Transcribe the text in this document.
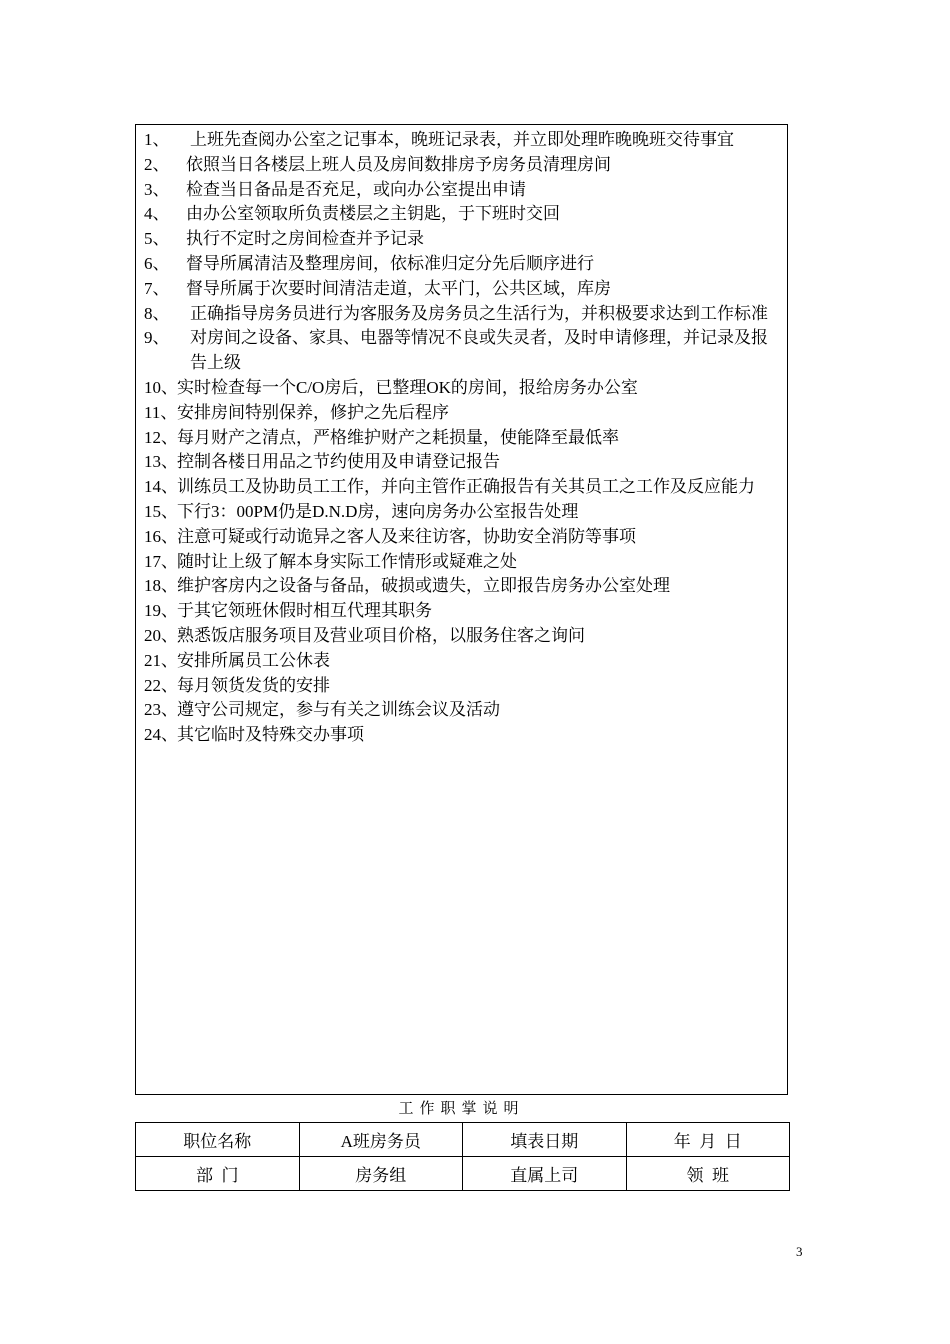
1、 上班先查阅办公室之记事本，晚班记录表，并立即处理昨晚晚班交待事宜
2、 依照当日各楼层上班人员及房间数排房予房务员清理房间
3、 检查当日备品是否充足，或向办公室提出申请
4、 由办公室领取所负责楼层之主钥匙，于下班时交回
5、 执行不定时之房间检查并予记录
6、 督导所属清洁及整理房间，依标准归定分先后顺序进行
7、 督导所属于次要时间清洁走道，太平门，公共区域，库房
8、 正确指导房务员进行为客服务及房务员之生活行为，并积极要求达到工作标准
9、 对房间之设备、家具、电器等情况不良或失灵者，及时申请修理，并记录及报告上级
10、 实时检查每一个C/O房后，已整理OK的房间，报给房务办公室
11、 安排房间特别保养，修护之先后程序
12、 每月财产之清点，严格维护财产之耗损量，使能降至最低率
13、 控制各楼日用品之节约使用及申请登记报告
14、 训练员工及协助员工工作，并向主管作正确报告有关其员工之工作及反应能力
15、 下行3：00PM仍是D.N.D房，速向房务办公室报告处理
16、 注意可疑或行动诡异之客人及来往访客，协助安全消防等事项
17、 随时让上级了解本身实际工作情形或疑难之处
18、 维护客房内之设备与备品，破损或遗失，立即报告房务办公室处理
19、 于其它领班休假时相互代理其职务
20、 熟悉饭店服务项目及营业项目价格，以服务住客之询问
21、 安排所属员工公休表
22、 每月领货发货的安排
23、 遵守公司规定，参与有关之训练会议及活动
24、 其它临时及特殊交办事项
工作职掌说明
职位名称	A班房务员	填表日期	年  月  日
部  门	房务组	直属上司	领  班
3
